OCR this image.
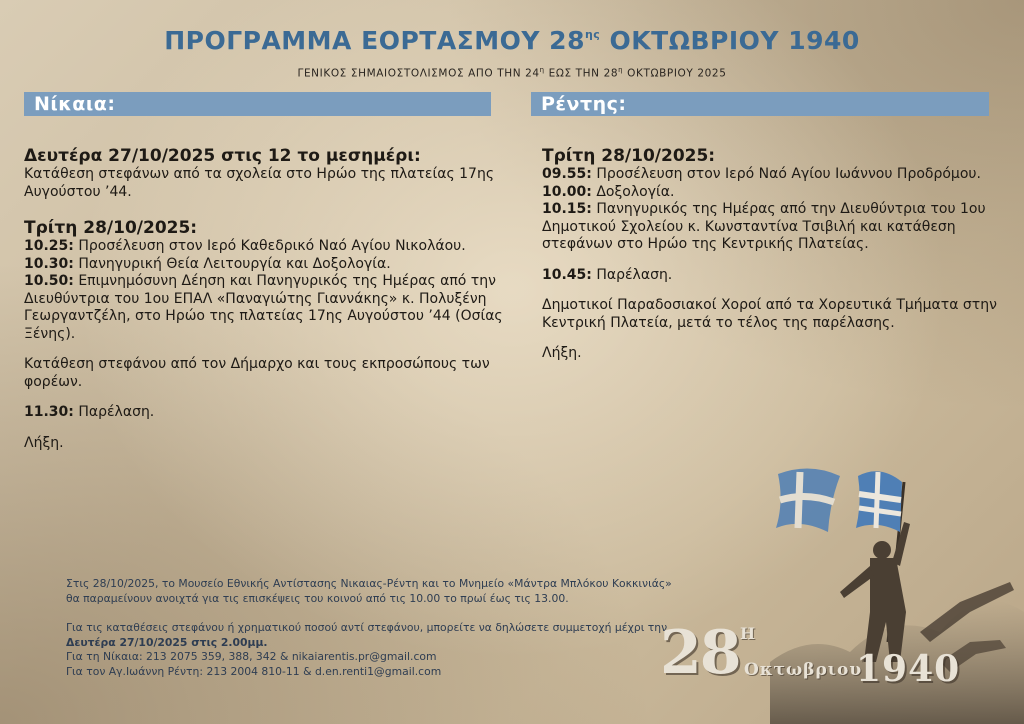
ΠΡΟΓΡΑΜΜΑ ΕΟΡΤΑΣΜΟΥ $28^{\eta\varsigma}$ ΟΚΤΩΒΡΙΟΥ 1940
ΓΕΝΙΚΟΣ ΣΗΜΑΙΟΣΤΟΛΙΣΜΟΣ ΑΠΟ ΤΗΝ $24^\eta$ ΕΩΣ ΤΗΝ $28^\eta$ ΟΚΤΩΒΡΙΟΥ 2025
Νίκαια:	Ρέντης:
Δευτέρα 27/10/2025 στις 12 το μεσημέρι:
Κατάθεση στεφάνων από τα σχολεία στο Ηρώο της πλατείας 17ης Αυγούστου ’44.
Τρίτη 28/10/2025:
10.25: Προσέλευση στον Ιερό Καθεδρικό Ναό Αγίου Νικολάου.
10.30: Πανηγυρική Θεία Λειτουργία και Δοξολογία.
10.50: Επιμνημόσυνη Δέηση και Πανηγυρικός της Ημέρας από την Διευθύντρια του 1ου ΕΠΑΛ «Παναγιώτης Γιαννάκης» κ. Πολυξένη Γεωργαντζέλη, στο Ηρώο της πλατείας 17ης Αυγούστου ’44 (Οσίας Ξένης).
Κατάθεση στεφάνου από τον Δήμαρχο και τους εκπροσώπους των φορέων.
11.30: Παρέλαση.
Λήξη.
Τρίτη 28/10/2025:
09.55: Προσέλευση στον Ιερό Ναό Αγίου Ιωάννου Προδρόμου.
10.00: Δοξολογία.
10.15: Πανηγυρικός της Ημέρας από την Διευθύντρια του 1ου Δημοτικού Σχολείου κ. Κωνσταντίνα Τσιβιλή και κατάθεση στεφάνων στο Ηρώο της Κεντρικής Πλατείας.
10.45: Παρέλαση.
Δημοτικοί Παραδοσιακοί Χοροί από τα Χορευτικά Τμήματα στην Κεντρική Πλατεία, μετά το τέλος της παρέλασης.
Λήξη.
28 Η
Οκτωβριου
1940
Στις 28/10/2025, το Μουσείο Εθνικής Αντίστασης Νικαιας-Ρέντη και το Μνημείο «Μάντρα Μπλόκου Κοκκινιάς» θα παραμείνουν ανοιχτά για τις επισκέψεις του κοινού από τις 10.00 το πρωί έως τις 13.00.
Για τις καταθέσεις στεφάνου ή χρηματικού ποσού αντί στεφάνου, μπορείτε να δηλώσετε συμμετοχή μέχρι την Δευτέρα 27/10/2025 στις 2.00μμ.
Για τη Νίκαια: 213 2075 359, 388, 342 & nikaiarentis.pr@gmail.com
Για τον Αγ.Ιωάννη Ρέντη: 213 2004 810-11 & d.en.renti1@gmail.com
